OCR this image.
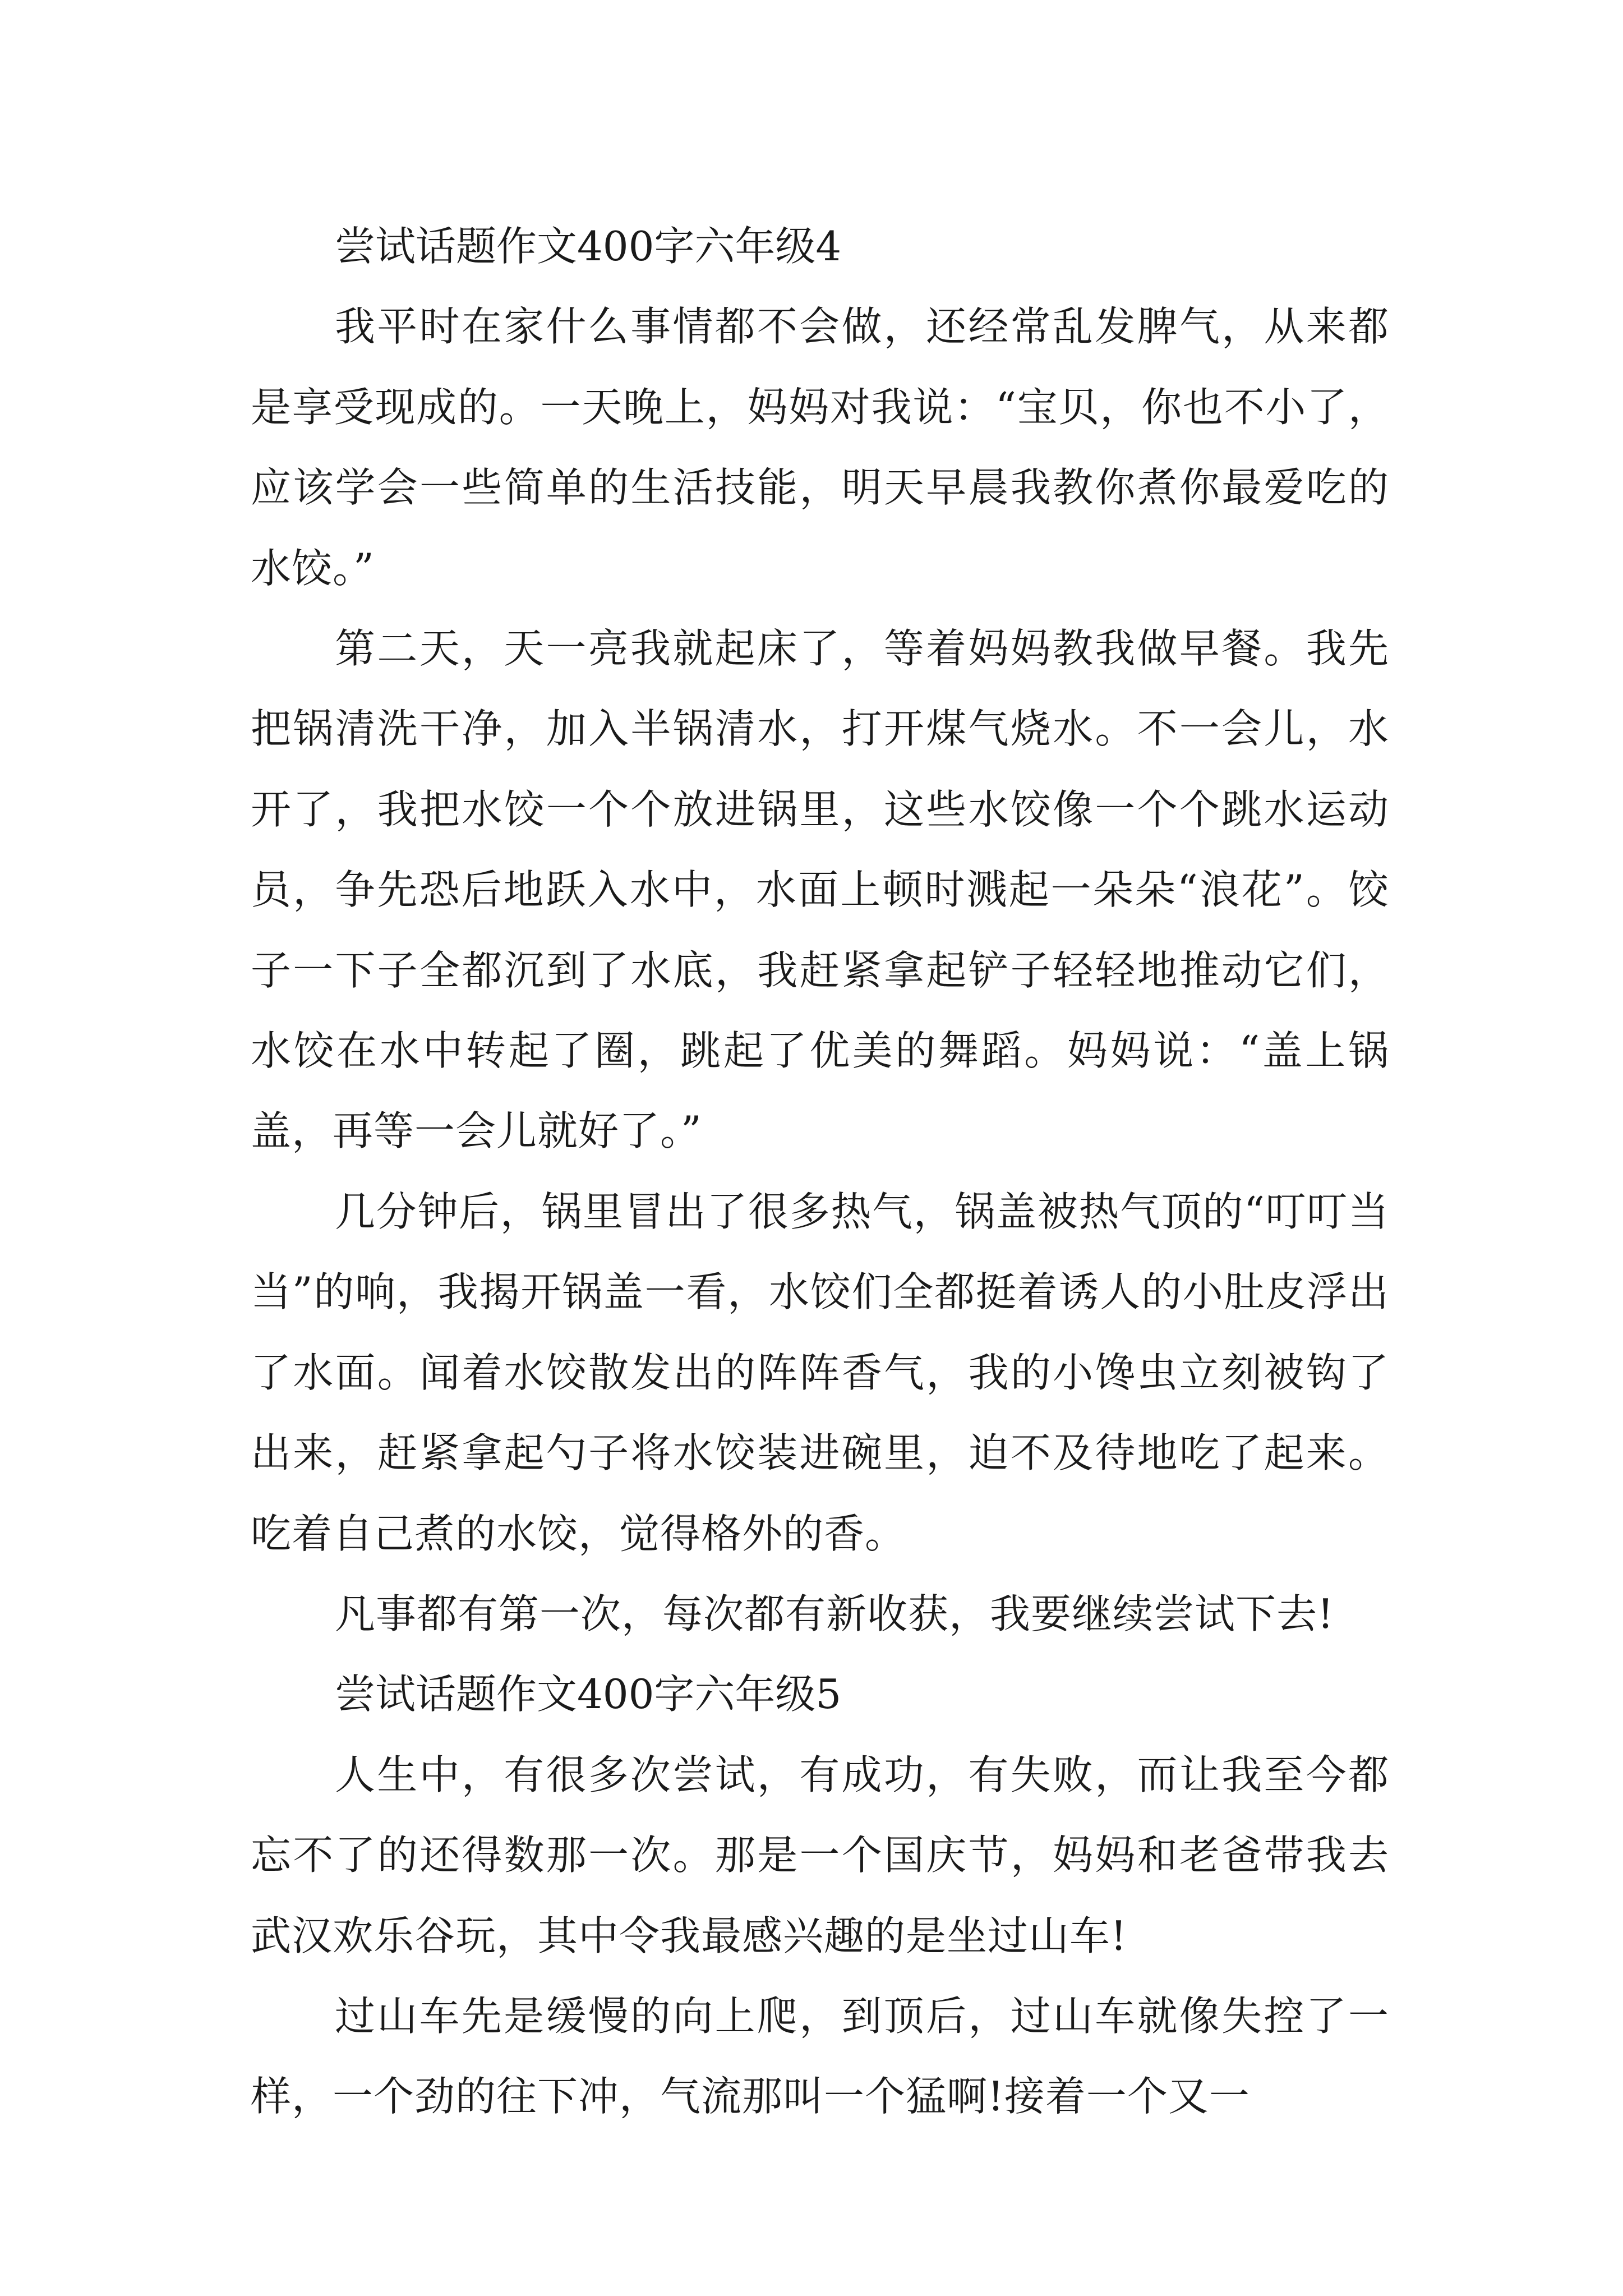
尝试话题作文400字六年级4

我平时在家什么事情都不会做，还经常乱发脾气，从来都是享受现成的。一天晚上，妈妈对我说：“宝贝，你也不小了，应该学会一些简单的生活技能，明天早晨我教你煮你最爱吃的水饺。”

第二天，天一亮我就起床了，等着妈妈教我做早餐。我先把锅清洗干净，加入半锅清水，打开煤气烧水。不一会儿，水开了，我把水饺一个个放进锅里，这些水饺像一个个跳水运动员，争先恐后地跃入水中，水面上顿时溅起一朵朵“浪花”。饺子一下子全都沉到了水底，我赶紧拿起铲子轻轻地推动它们，水饺在水中转起了圈，跳起了优美的舞蹈。妈妈说：“盖上锅盖，再等一会儿就好了。”

几分钟后，锅里冒出了很多热气，锅盖被热气顶的“叮叮当当”的响，我揭开锅盖一看，水饺们全都挺着诱人的小肚皮浮出了水面。闻着水饺散发出的阵阵香气，我的小馋虫立刻被钩了出来，赶紧拿起勺子将水饺装进碗里，迫不及待地吃了起来。吃着自己煮的水饺，觉得格外的香。

凡事都有第一次，每次都有新收获，我要继续尝试下去!

尝试话题作文400字六年级5

人生中，有很多次尝试，有成功，有失败，而让我至今都忘不了的还得数那一次。那是一个国庆节，妈妈和老爸带我去武汉欢乐谷玩，其中令我最感兴趣的是坐过山车!

过山车先是缓慢的向上爬，到顶后，过山车就像失控了一样，一个劲的往下冲，气流那叫一个猛啊!接着一个又一
